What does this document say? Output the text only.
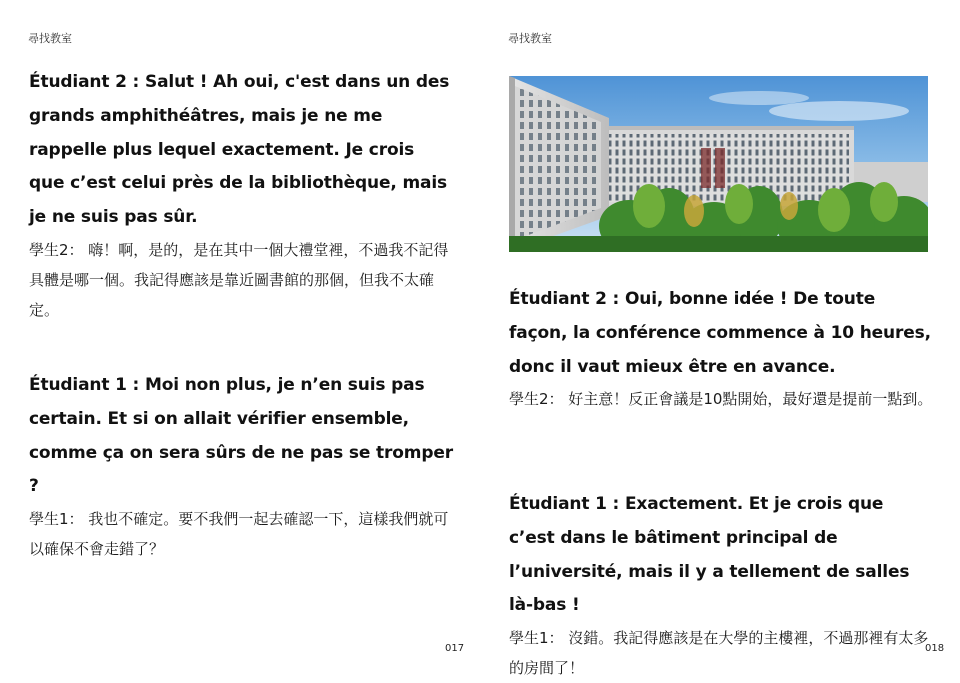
尋找教室

Étudiant 2 : Salut ! Ah oui, c'est dans un des grands amphithéâtres, mais je ne me rappelle plus lequel exactement. Je crois que c’est celui près de la bibliothèque, mais je ne suis pas sûr.

學生2： 嗨！啊，是的，是在其中一個大禮堂裡，不過我不記得具體是哪一個。我記得應該是靠近圖書館的那個，但我不太確定。

Étudiant 1 : Moi non plus, je n’en suis pas certain. Et si on allait vérifier ensemble, comme ça on sera sûrs de ne pas se tromper ?

學生1： 我也不確定。要不我們一起去確認一下，這樣我們就可以確保不會走錯了？

017

尋找教室

Étudiant 2 : Oui, bonne idée ! De toute façon, la conférence commence à 10 heures, donc il vaut mieux être en avance.

學生2： 好主意！反正會議是10點開始，最好還是提前一點到。

Étudiant 1 : Exactement. Et je crois que c’est dans le bâtiment principal de l’université, mais il y a tellement de salles là-bas !

學生1： 沒錯。我記得應該是在大學的主樓裡，不過那裡有太多的房間了！

018
